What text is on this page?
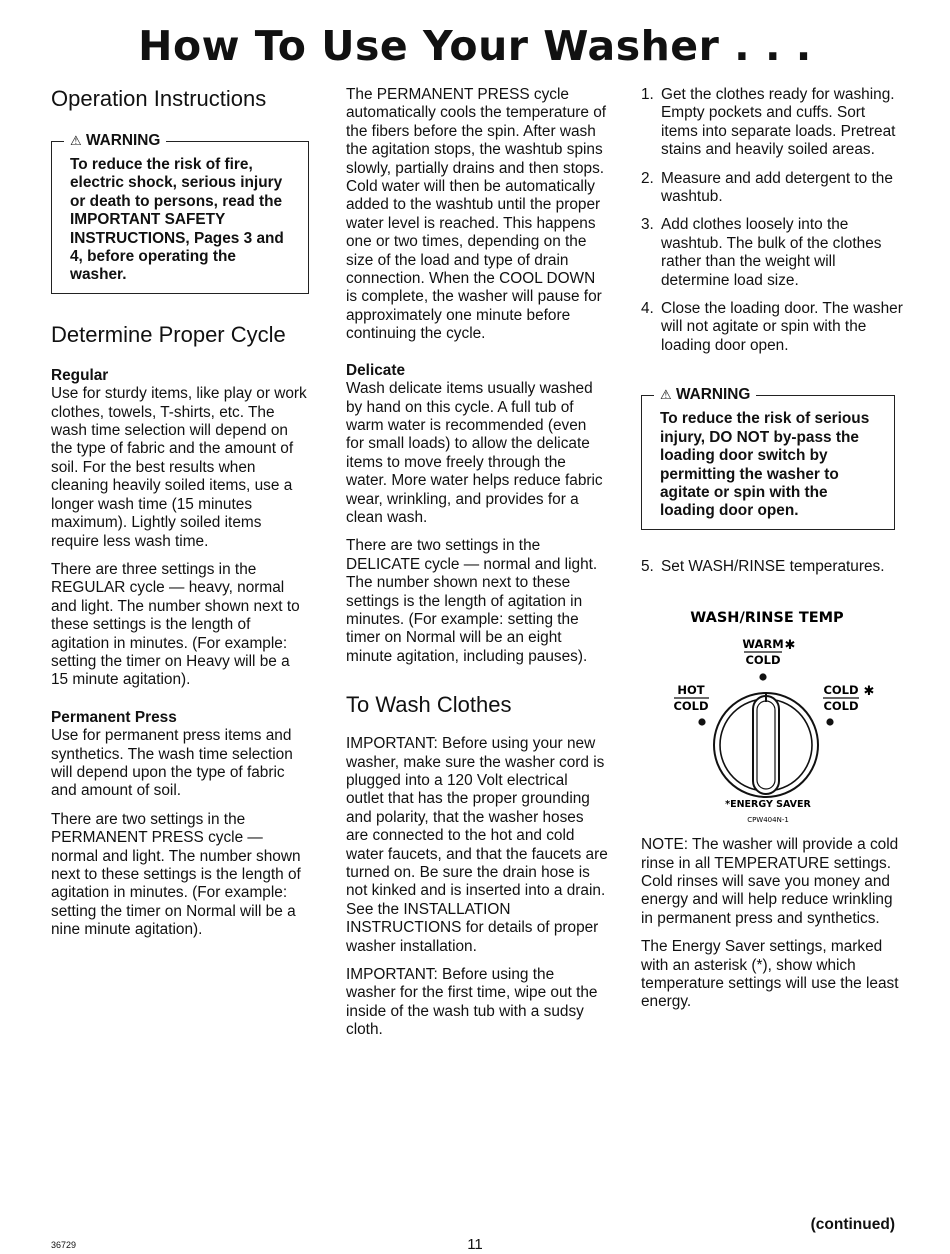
How To Use Your Washer . . .
Operation Instructions
⚠ WARNING
To reduce the risk of fire, electric shock, serious injury or death to persons, read the IMPORTANT SAFETY INSTRUCTIONS, Pages 3 and 4, before operating the washer.
Determine Proper Cycle
Regular

Use for sturdy items, like play or work clothes, towels, T-shirts, etc. The wash time selection will depend on the type of fabric and the amount of soil. For the best results when cleaning heavily soiled items, use a longer wash time (15 minutes maximum). Lightly soiled items require less wash time.

There are three settings in the REGULAR cycle — heavy, normal and light. The number shown next to these settings is the length of agitation in minutes. (For example: setting the timer on Heavy will be a 15 minute agitation).

Permanent Press

Use for permanent press items and synthetics. The wash time selection will depend upon the type of fabric and amount of soil.

There are two settings in the PERMANENT PRESS cycle — normal and light. The number shown next to these settings is the length of agitation in minutes. (For example: setting the timer on Normal will be a nine minute agitation).

The PERMANENT PRESS cycle automatically cools the temperature of the fibers before the spin. After wash the agitation stops, the washtub spins slowly, partially drains and then stops. Cold water will then be automatically added to the washtub until the proper water level is reached. This happens one or two times, depending on the size of the load and type of drain connection. When the COOL DOWN is complete, the washer will pause for approximately one minute before continuing the cycle.

Delicate

Wash delicate items usually washed by hand on this cycle. A full tub of warm water is recommended (even for small loads) to allow the delicate items to move freely through the water. More water helps reduce fabric wear, wrinkling, and provides for a clean wash.

There are two settings in the DELICATE cycle — normal and light. The number shown next to these settings is the length of agitation in minutes. (For example: setting the timer on Normal will be an eight minute agitation, including pauses).

To Wash Clothes

IMPORTANT: Before using your new washer, make sure the washer cord is plugged into a 120 Volt electrical outlet that has the proper grounding and polarity, that the washer hoses are connected to the hot and cold water faucets, and that the faucets are turned on. Be sure the drain hose is not kinked and is inserted into a drain.

See the INSTALLATION INSTRUCTIONS for details of proper washer installation.

IMPORTANT: Before using the washer for the first time, wipe out the inside of the wash tub with a sudsy cloth.

1. Get the clothes ready for washing. Empty pockets and cuffs. Sort items into separate loads. Pretreat stains and heavily soiled areas.
2. Measure and add detergent to the washtub.
3. Add clothes loosely into the washtub. The bulk of the clothes rather than the weight will determine load size.
4. Close the loading door. The washer will not agitate or spin with the loading door open.
⚠ WARNING
To reduce the risk of serious injury, DO NOT by-pass the loading door switch by permitting the washer to agitate or spin with the loading door open.
5. Set WASH/RINSE temperatures.
WASH/RINSE TEMP
WARM ✱
COLD
HOT
COLD
COLD ✱
COLD
*ENERGY SAVER
CPW404N-1

NOTE: The washer will provide a cold rinse in all TEMPERATURE settings. Cold rinses will save you money and energy and will help reduce wrinkling in permanent press and synthetics.

The Energy Saver settings, marked with an asterisk (*), show which temperature settings will use the least energy.

(continued)
36729	11
